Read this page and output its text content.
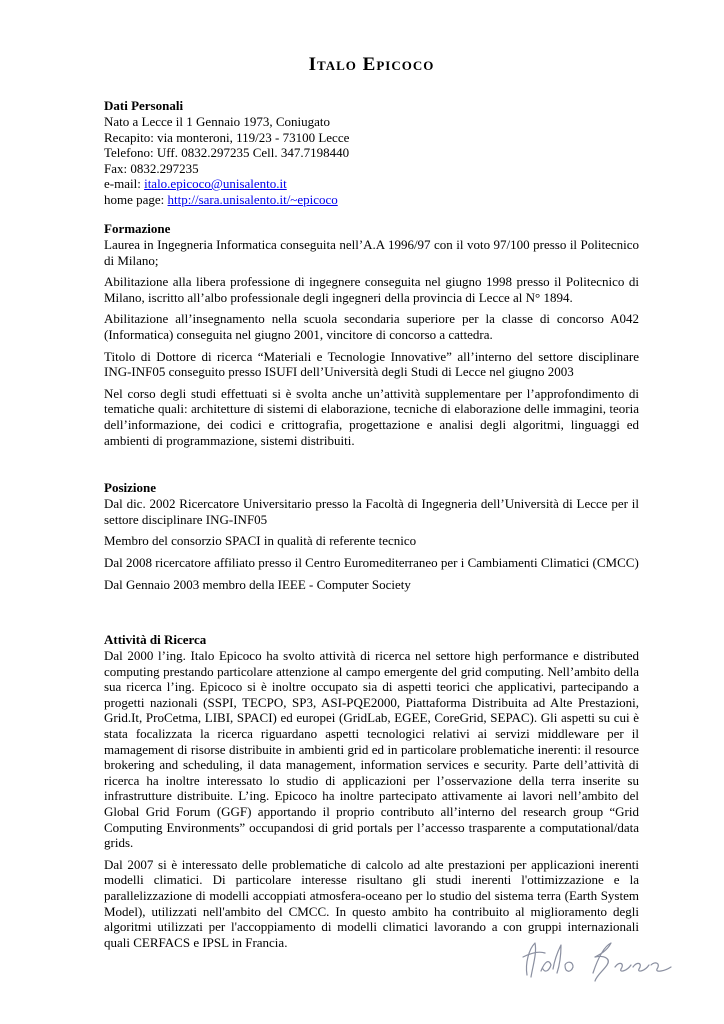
Italo Epicoco
Dati Personali
Nato a Lecce il 1 Gennaio 1973, Coniugato
Recapito: via monteroni, 119/23 - 73100 Lecce
Telefono: Uff. 0832.297235 Cell. 347.7198440
Fax: 0832.297235
e-mail: italo.epicoco@unisalento.it
home page: http://sara.unisalento.it/~epicoco
Formazione

Laurea in Ingegneria Informatica conseguita nell’A.A 1996/97 con il voto 97/100 presso il Politecnico di Milano;

Abilitazione alla libera professione di ingegnere conseguita nel giugno 1998 presso il Politecnico di Milano, iscritto all’albo professionale degli ingegneri della provincia di Lecce al N° 1894.

Abilitazione all’insegnamento nella scuola secondaria superiore per la classe di concorso A042 (Informatica) conseguita nel giugno 2001, vincitore di concorso a cattedra.

Titolo di Dottore di ricerca “Materiali e Tecnologie Innovative” all’interno del settore disciplinare ING-INF05 conseguito presso ISUFI dell’Università degli Studi di Lecce nel giugno 2003

Nel corso degli studi effettuati si è svolta anche un’attività supplementare per l’approfondimento di tematiche quali: architetture di sistemi di elaborazione, tecniche di elaborazione delle immagini, teoria dell’informazione, dei codici e crittografia, progettazione e analisi degli algoritmi, linguaggi ed ambienti di programmazione, sistemi distribuiti.

Posizione

Dal dic. 2002 Ricercatore Universitario presso la Facoltà di Ingegneria dell’Università di Lecce per il settore disciplinare ING-INF05

Membro del consorzio SPACI in qualità di referente tecnico

Dal 2008 ricercatore affiliato presso il Centro Euromediterraneo per i Cambiamenti Climatici (CMCC)

Dal Gennaio 2003 membro della IEEE - Computer Society

Attività di Ricerca

Dal 2000 l’ing. Italo Epicoco ha svolto attività di ricerca nel settore high performance e distributed computing prestando particolare attenzione al campo emergente del grid computing. Nell’ambito della sua ricerca l’ing. Epicoco si è inoltre occupato sia di aspetti teorici che applicativi, partecipando a progetti nazionali (SSPI, TECPO, SP3, ASI-PQE2000, Piattaforma Distribuita ad Alte Prestazioni, Grid.It, ProCetma, LIBI, SPACI) ed europei (GridLab, EGEE, CoreGrid, SEPAC). Gli aspetti su cui è stata focalizzata la ricerca riguardano aspetti tecnologici relativi ai servizi middleware per il mamagement di risorse distribuite in ambienti grid ed in particolare problematiche inerenti: il resource brokering and scheduling, il data management, information services e security. Parte dell’attività di ricerca ha inoltre interessato lo studio di applicazioni per l’osservazione della terra inserite su infrastrutture distribuite. L’ing. Epicoco ha inoltre partecipato attivamente ai lavori nell’ambito del Global Grid Forum (GGF) apportando il proprio contributo all’interno del research group “Grid Computing Environments” occupandosi di grid portals per l’accesso trasparente a computational/data grids.

Dal 2007 si è interessato delle problematiche di calcolo ad alte prestazioni per applicazioni inerenti modelli climatici. Di particolare interesse risultano gli studi inerenti l'ottimizzazione e la parallelizzazione di modelli accoppiati atmosfera-oceano per lo studio del sistema terra (Earth System Model), utilizzati nell'ambito del CMCC. In questo ambito ha contribuito al miglioramento degli algoritmi utilizzati per l'accoppiamento di modelli climatici lavorando a con gruppi internazionali quali CERFACS e IPSL in Francia.
